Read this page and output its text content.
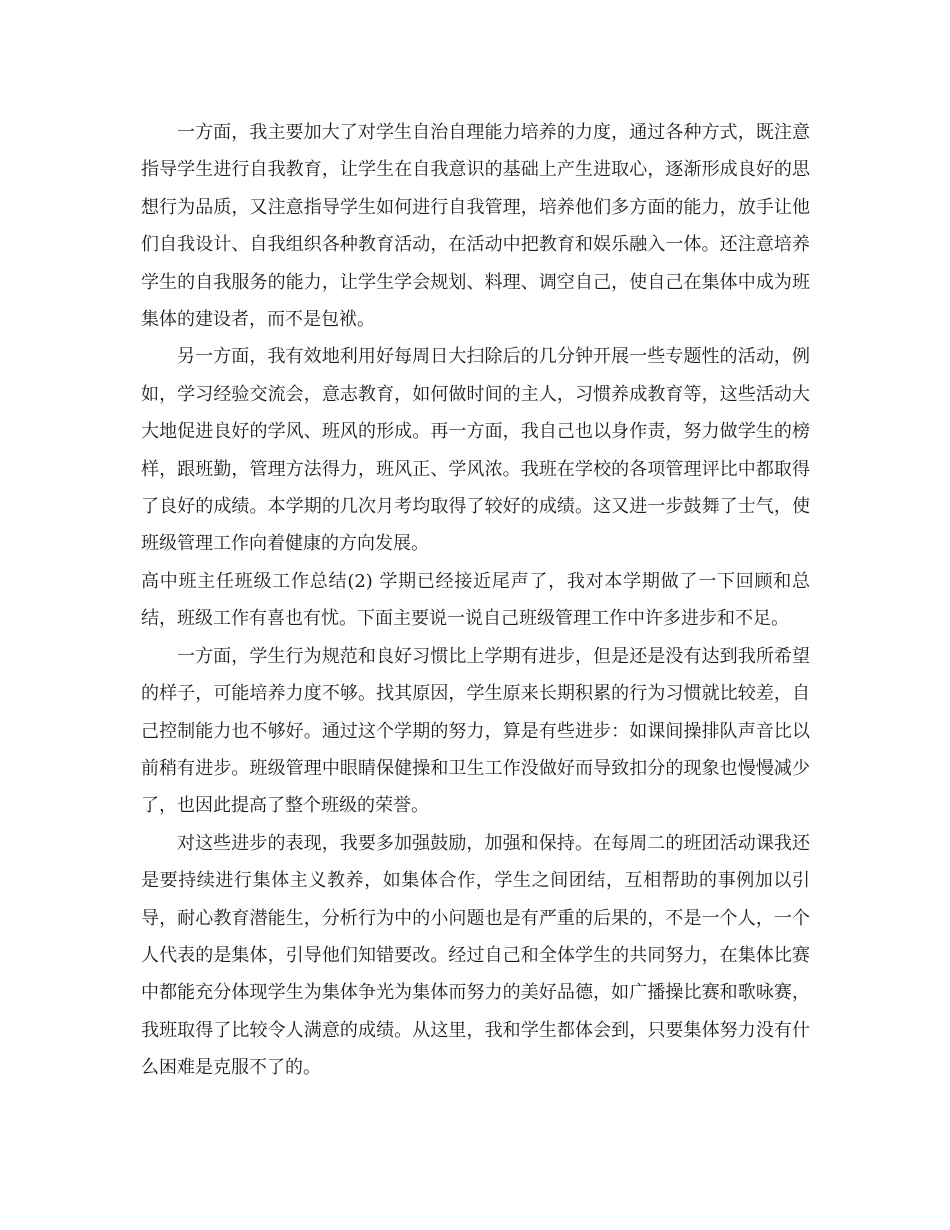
一方面，我主要加大了对学生自治自理能力培养的力度，通过各种方式，既注意指导学生进行自我教育，让学生在自我意识的基础上产生进取心，逐渐形成良好的思想行为品质，又注意指导学生如何进行自我管理，培养他们多方面的能力，放手让他们自我设计、自我组织各种教育活动，在活动中把教育和娱乐融入一体。还注意培养学生的自我服务的能力，让学生学会规划、料理、调空自己，使自己在集体中成为班集体的建设者，而不是包袱。

另一方面，我有效地利用好每周日大扫除后的几分钟开展一些专题性的活动，例如，学习经验交流会，意志教育，如何做时间的主人，习惯养成教育等，这些活动大大地促进良好的学风、班风的形成。再一方面，我自己也以身作责，努力做学生的榜样，跟班勤，管理方法得力，班风正、学风浓。我班在学校的各项管理评比中都取得了良好的成绩。本学期的几次月考均取得了较好的成绩。这又进一步鼓舞了士气，使班级管理工作向着健康的方向发展。

高中班主任班级工作总结(2) 学期已经接近尾声了，我对本学期做了一下回顾和总结，班级工作有喜也有忧。下面主要说一说自己班级管理工作中许多进步和不足。

一方面，学生行为规范和良好习惯比上学期有进步，但是还是没有达到我所希望的样子，可能培养力度不够。找其原因，学生原来长期积累的行为习惯就比较差，自己控制能力也不够好。通过这个学期的努力，算是有些进步：如课间操排队声音比以前稍有进步。班级管理中眼睛保健操和卫生工作没做好而导致扣分的现象也慢慢减少了，也因此提高了整个班级的荣誉。

对这些进步的表现，我要多加强鼓励，加强和保持。在每周二的班团活动课我还是要持续进行集体主义教养，如集体合作，学生之间团结，互相帮助的事例加以引导，耐心教育潜能生，分析行为中的小问题也是有严重的后果的，不是一个人，一个人代表的是集体，引导他们知错要改。经过自己和全体学生的共同努力，在集体比赛中都能充分体现学生为集体争光为集体而努力的美好品德，如广播操比赛和歌咏赛，我班取得了比较令人满意的成绩。从这里，我和学生都体会到，只要集体努力没有什么困难是克服不了的。
